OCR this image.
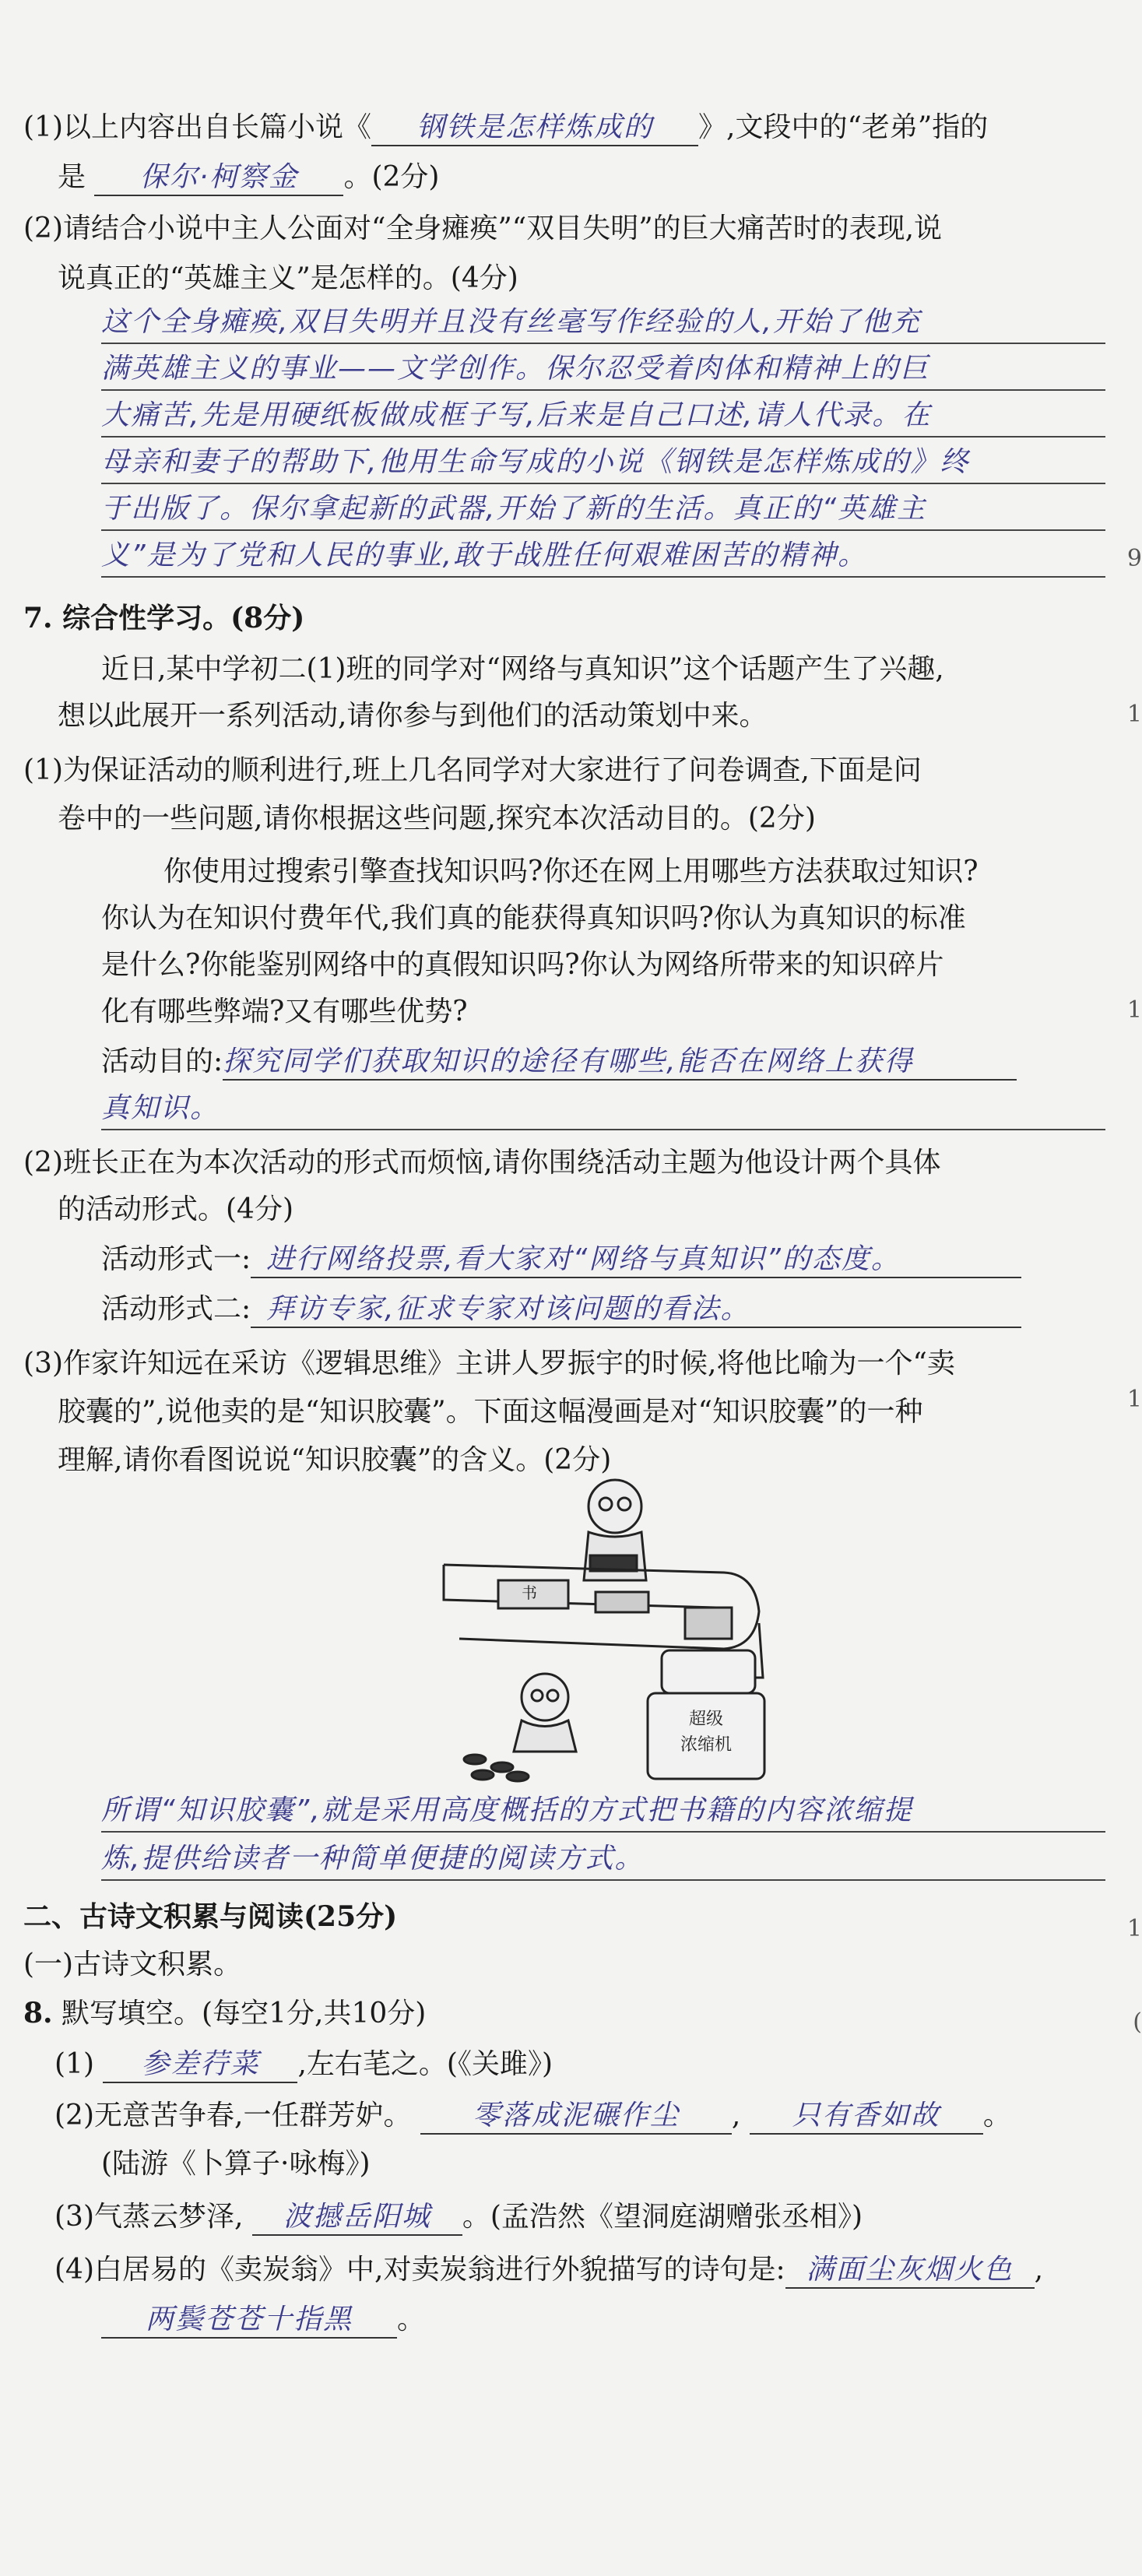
(1)以上内容出自长篇小说《 钢铁是怎样炼成的 》,文段中的“老弟”指的
是 保尔·柯察金 。(2分)
(2)请结合小说中主人公面对“全身瘫痪”“双目失明”的巨大痛苦时的表现,说
说真正的“英雄主义”是怎样的。(4分)
这个全身瘫痪,双目失明并且没有丝毫写作经验的人,开始了他充
满英雄主义的事业——文学创作。保尔忍受着肉体和精神上的巨
大痛苦,先是用硬纸板做成框子写,后来是自己口述,请人代录。在
母亲和妻子的帮助下,他用生命写成的小说《钢铁是怎样炼成的》终
于出版了。保尔拿起新的武器,开始了新的生活。真正的“英雄主
义”是为了党和人民的事业,敢于战胜任何艰难困苦的精神。
7. 综合性学习。(8分)
近日,某中学初二(1)班的同学对“网络与真知识”这个话题产生了兴趣,
想以此展开一系列活动,请你参与到他们的活动策划中来。
(1)为保证活动的顺利进行,班上几名同学对大家进行了问卷调查,下面是问
卷中的一些问题,请你根据这些问题,探究本次活动目的。(2分)
你使用过搜索引擎查找知识吗?你还在网上用哪些方法获取过知识?
你认为在知识付费年代,我们真的能获得真知识吗?你认为真知识的标准
是什么?你能鉴别网络中的真假知识吗?你认为网络所带来的知识碎片
化有哪些弊端?又有哪些优势?
活动目的:探究同学们获取知识的途径有哪些,能否在网络上获得
真知识。
(2)班长正在为本次活动的形式而烦恼,请你围绕活动主题为他设计两个具体
的活动形式。(4分)
活动形式一: 进行网络投票,看大家对“网络与真知识”的态度。
活动形式二: 拜访专家,征求专家对该问题的看法。
(3)作家许知远在采访《逻辑思维》主讲人罗振宇的时候,将他比喻为一个“卖
胶囊的”,说他卖的是“知识胶囊”。下面这幅漫画是对“知识胶囊”的一种
理解,请你看图说说“知识胶囊”的含义。(2分)
书
超级
浓缩机
所谓“知识胶囊”,就是采用高度概括的方式把书籍的内容浓缩提
炼,提供给读者一种简单便捷的阅读方式。
二、古诗文积累与阅读(25分)
(一)古诗文积累。
8. 默写填空。(每空1分,共10分)
(1) 参差荇菜 ,左右芼之。(《关雎》)
(2)无意苦争春,一任群芳妒。 零落成泥碾作尘 , 只有香如故 。
(陆游《卜算子·咏梅》)
(3)气蒸云梦泽, 波撼岳阳城 。(孟浩然《望洞庭湖赠张丞相》)
(4)白居易的《卖炭翁》中,对卖炭翁进行外貌描写的诗句是: 满面尘灰烟火色 ,
两鬓苍苍十指黑 。
9
1
1
1
1
(
